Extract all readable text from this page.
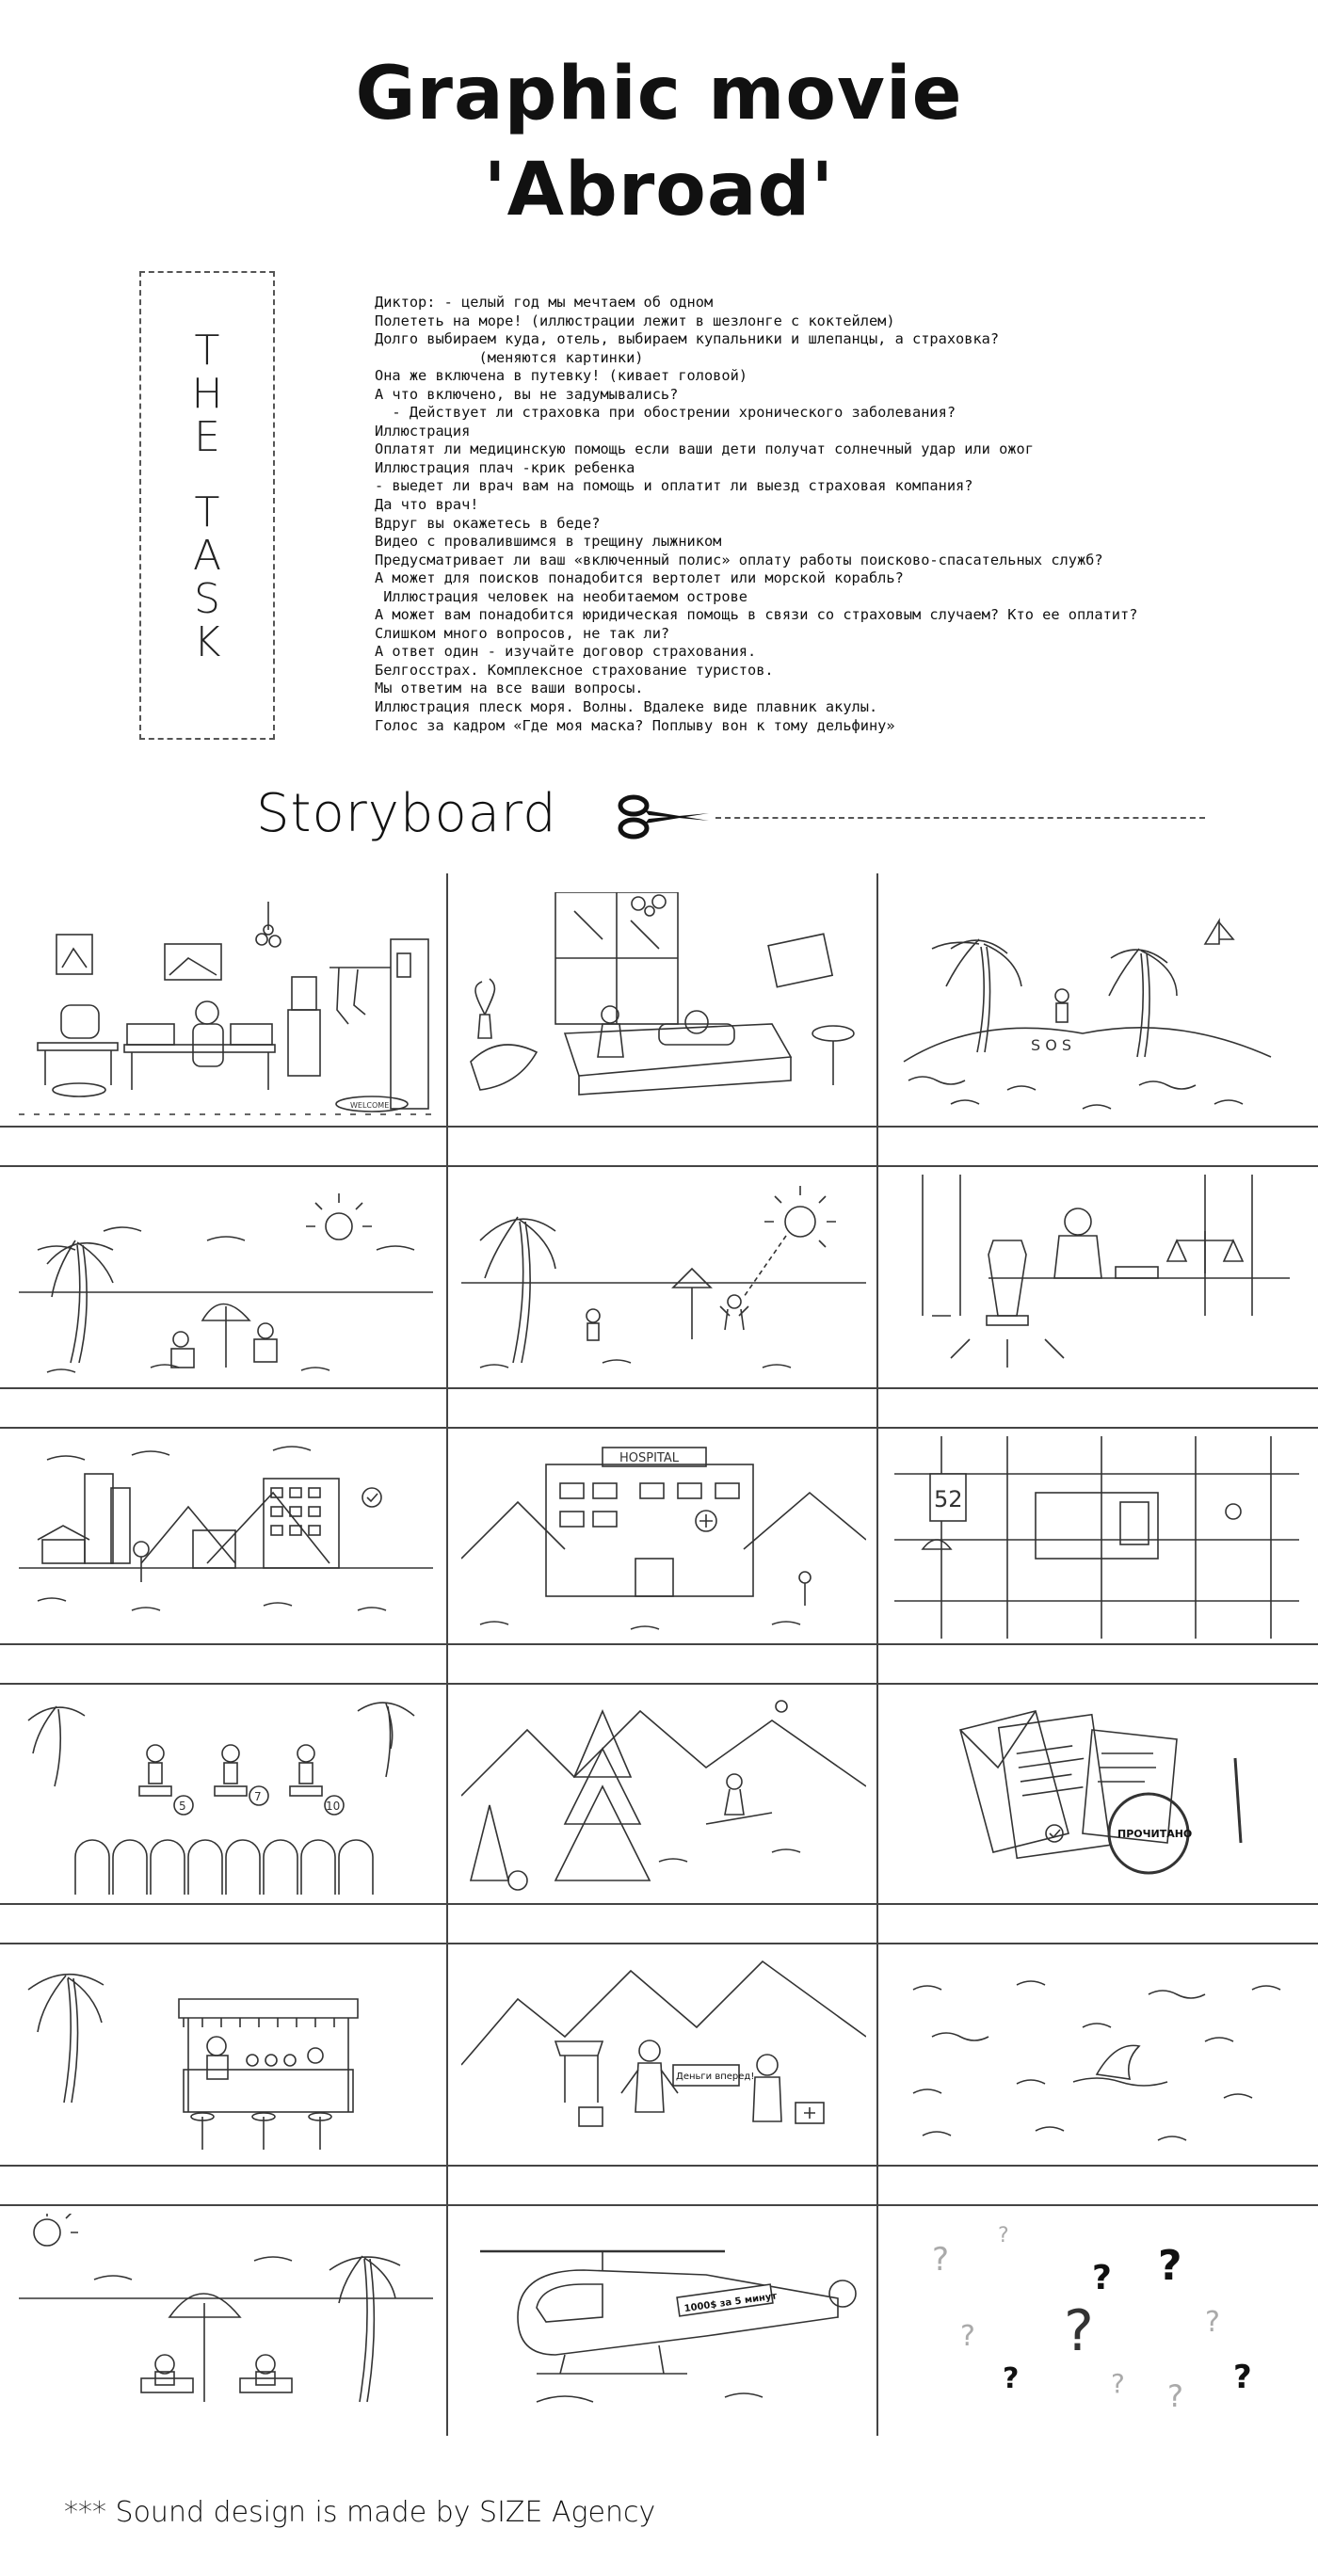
Graphic movie
'Abroad'
T
H
E
T
A
S
K
Диктор: - целый год мы мечтаем об одном
Полететь на море! (иллюстрации лежит в шезлонге с коктейлем)
Долго выбираем куда, отель, выбираем купальники и шлепанцы, а страховка?
(меняются картинки)
Она же включена в путевку! (кивает головой)
А что включено, вы не задумывались?
- Действует ли страховка при обострении хронического заболевания?
Иллюстрация
Оплатят ли медицинскую помощь если ваши дети получат солнечный удар или ожог
Иллюстрация плач -крик ребенка
- выедет ли врач вам на помощь и оплатит ли выезд страховая компания?
Да что врач!
Вдруг вы окажетесь в беде?
Видео с провалившимся в трещину лыжником
Предусматривает ли ваш «включенный полис» оплату работы поисково-спасательных служб?
А может для поисков понадобится вертолет или морской корабль?
Иллюстрация человек на необитаемом острове
А может вам понадобится юридическая помощь в связи со страховым случаем? Кто ее оплатит?
Слишком много вопросов, не так ли?
А ответ один - изучайте договор страхования.
Белгосстрах. Комплексное страхование туристов.
Мы ответим на все ваши вопросы.
Иллюстрация плеск моря. Волны. Вдалеке виде плавник акулы.
Голос за кадром «Где моя маска? Поплыву вон к тому дельфину»
Storyboard
WELCOME
S O S
HOSPITAL
52
5
7
10
ПРОЧИТАНО
Деньги вперед!
1000$ за 5 минут
?
?
?
?
?
?
?
?
?
? ?
*** Sound design is made by SIZE Agency
